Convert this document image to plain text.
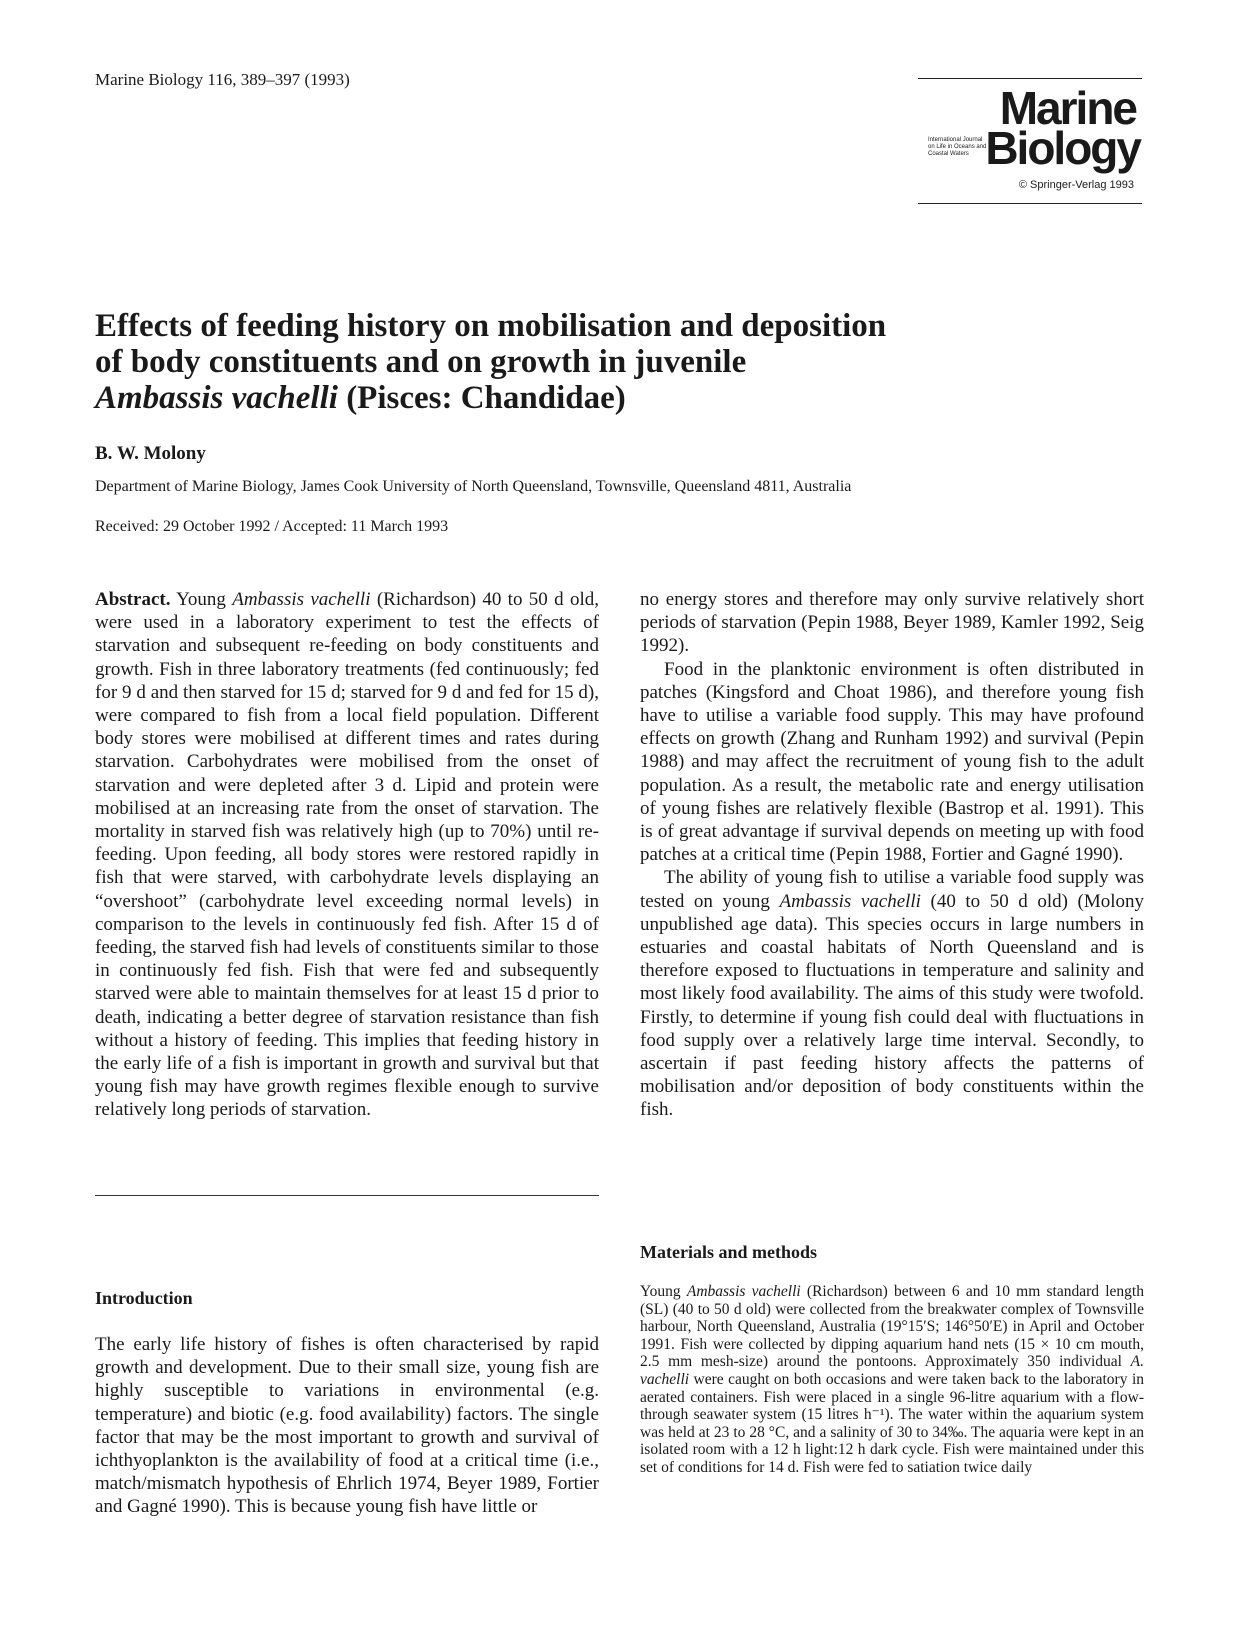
Marine Biology 116, 389–397 (1993)
Marine
International Journal on Life in Oceans and Coastal Waters Biology
© Springer-Verlag 1993
Effects of feeding history on mobilisation and deposition
of body constituents and on growth in juvenile
Ambassis vachelli (Pisces: Chandidae)
B. W. Molony
Department of Marine Biology, James Cook University of North Queensland, Townsville, Queensland 4811, Australia
Received: 29 October 1992 / Accepted: 11 March 1993

Abstract. Young Ambassis vachelli (Richardson) 40 to 50 d old, were used in a laboratory experiment to test the effects of starvation and subsequent re-feeding on body constituents and growth. Fish in three laboratory treatments (fed continuously; fed for 9 d and then starved for 15 d; starved for 9 d and fed for 15 d), were compared to fish from a local field population. Different body stores were mobilised at different times and rates during starvation. Carbohydrates were mobilised from the onset of starvation and were depleted after 3 d. Lipid and protein were mobilised at an increasing rate from the onset of starvation. The mortality in starved fish was relatively high (up to 70%) until re-feeding. Upon feeding, all body stores were restored rapidly in fish that were starved, with carbohydrate levels displaying an “overshoot” (carbohydrate level exceeding normal levels) in comparison to the levels in continuously fed fish. After 15 d of feeding, the starved fish had levels of constituents similar to those in continuously fed fish. Fish that were fed and subsequently starved were able to maintain themselves for at least 15 d prior to death, indicating a better degree of starvation resistance than fish without a history of feeding. This implies that feeding history in the early life of a fish is important in growth and survival but that young fish may have growth regimes flexible enough to survive relatively long periods of starvation.

Introduction

The early life history of fishes is often characterised by rapid growth and development. Due to their small size, young fish are highly susceptible to variations in environmental (e.g. temperature) and biotic (e.g. food availability) factors. The single factor that may be the most important to growth and survival of ichthyoplankton is the availability of food at a critical time (i.e., match/mismatch hypothesis of Ehrlich 1974, Beyer 1989, Fortier and Gagné 1990). This is because young fish have little or

no energy stores and therefore may only survive relatively short periods of starvation (Pepin 1988, Beyer 1989, Kamler 1992, Seig 1992).

Food in the planktonic environment is often distributed in patches (Kingsford and Choat 1986), and therefore young fish have to utilise a variable food supply. This may have profound effects on growth (Zhang and Runham 1992) and survival (Pepin 1988) and may affect the recruitment of young fish to the adult population. As a result, the metabolic rate and energy utilisation of young fishes are relatively flexible (Bastrop et al. 1991). This is of great advantage if survival depends on meeting up with food patches at a critical time (Pepin 1988, Fortier and Gagné 1990).

The ability of young fish to utilise a variable food supply was tested on young Ambassis vachelli (40 to 50 d old) (Molony unpublished age data). This species occurs in large numbers in estuaries and coastal habitats of North Queensland and is therefore exposed to fluctuations in temperature and salinity and most likely food availability. The aims of this study were twofold. Firstly, to determine if young fish could deal with fluctuations in food supply over a relatively large time interval. Secondly, to ascertain if past feeding history affects the patterns of mobilisation and/or deposition of body constituents within the fish.

Materials and methods

Young Ambassis vachelli (Richardson) between 6 and 10 mm standard length (SL) (40 to 50 d old) were collected from the breakwater complex of Townsville harbour, North Queensland, Australia (19°15′S; 146°50′E) in April and October 1991. Fish were collected by dipping aquarium hand nets (15 × 10 cm mouth, 2.5 mm mesh-size) around the pontoons. Approximately 350 individual A. vachelli were caught on both occasions and were taken back to the laboratory in aerated containers. Fish were placed in a single 96-litre aquarium with a flow-through seawater system (15 litres h⁻¹). The water within the aquarium system was held at 23 to 28 °C, and a salinity of 30 to 34‰. The aquaria were kept in an isolated room with a 12 h light:12 h dark cycle. Fish were maintained under this set of conditions for 14 d. Fish were fed to satiation twice daily
